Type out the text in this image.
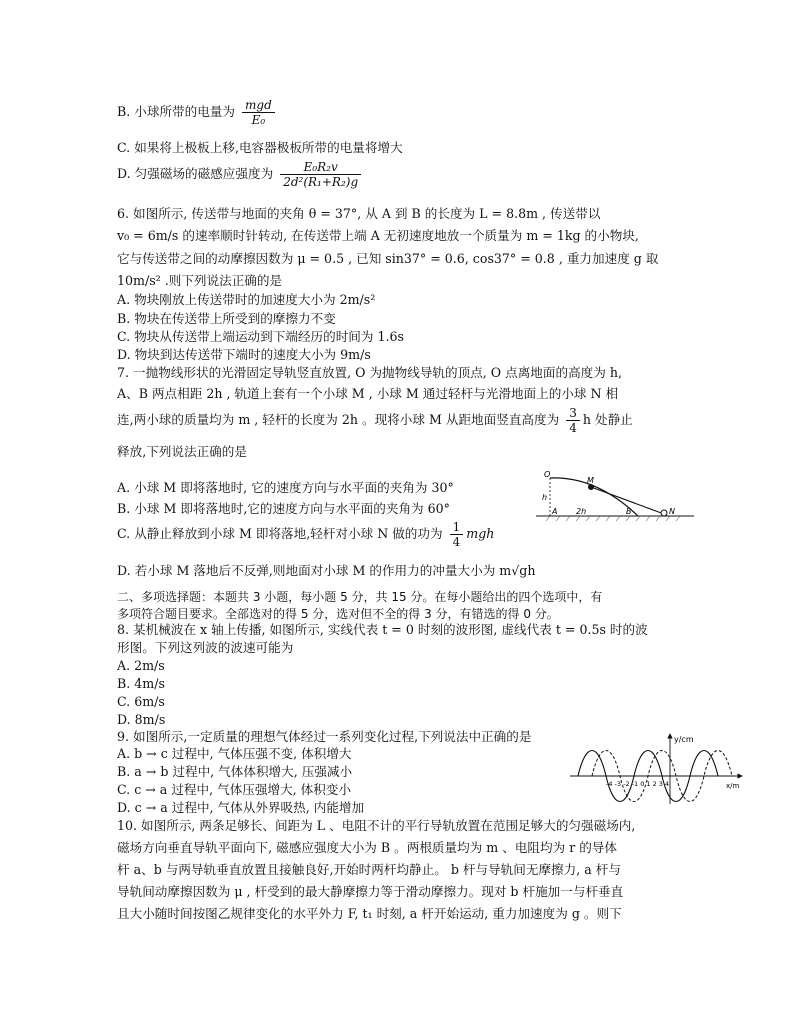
B. 小球所带的电量为 $\frac{\text{mgd}}{\text{E₀}}$
C. 如果将上极板上移,电容器极板所带的电量将增大
D. 匀强磁场的磁感应强度为 $\frac{\text{E₀R₂v}}{\text{2d²(R₁+R₂)g}}$
6. 如图所示, 传送带与地面的夹角 θ = 37°, 从 A 到 B 的长度为 L = 8.8m , 传送带以
v₀ = 6m/s 的速率顺时针转动, 在传送带上端 A 无初速度地放一个质量为 m = 1kg 的小物块,
它与传送带之间的动摩擦因数为 μ = 0.5 , 已知 sin37° = 0.6, cos37° = 0.8 , 重力加速度 g 取
10m/s² .则下列说法正确的是
A. 物块刚放上传送带时的加速度大小为 2m/s²
B. 物块在传送带上所受到的摩擦力不变
C. 物块从传送带上端运动到下端经历的时间为 1.6s
D. 物块到达传送带下端时的速度大小为 9m/s
7. 一抛物线形状的光滑固定导轨竖直放置, O 为抛物线导轨的顶点, O 点离地面的高度为 h,
A、B 两点相距 2h , 轨道上套有一个小球 M , 小球 M 通过轻杆与光滑地面上的小球 N 相
连,两小球的质量均为 m , 轻杆的长度为 2h 。现将小球 M 从距地面竖直高度为 $\frac{3}{4}$ h 处静止
释放,下列说法正确的是
A. 小球 M 即将落地时, 它的速度方向与水平面的夹角为 30°
B. 小球 M 即将落地时,它的速度方向与水平面的夹角为 60°
C. 从静止释放到小球 M 即将落地,轻杆对小球 N 做的功为 $\frac{1}{4}$ mgh
D. 若小球 M 落地后不反弹,则地面对小球 M 的作用力的冲量大小为 m√gh
O
h
A 2h	B
M
N
二、多项选择题：本题共 3 小题，每小题 5 分，共 15 分。在每小题给出的四个选项中，有
多项符合题目要求。全部选对的得 5 分，选对但不全的得 3 分，有错选的得 0 分。
8. 某机械波在 x 轴上传播, 如图所示, 实线代表 t = 0 时刻的波形图, 虚线代表 t = 0.5s 时的波
形图。下列这列波的波速可能为
A. 2m/s
B. 4m/s
C. 6m/s
D. 8m/s
9. 如图所示,一定质量的理想气体经过一系列变化过程,下列说法中正确的是
A. b → c 过程中, 气体压强不变, 体积增大
B. a → b 过程中, 气体体积增大, 压强减小
C. c → a 过程中, 气体压强增大, 体积变小
D. c → a 过程中, 气体从外界吸热, 内能增加
y/cm
x/m
-4 -3 -2 -1 0 1 2 3 4
10. 如图所示, 两条足够长、间距为 L 、电阻不计的平行导轨放置在范围足够大的匀强磁场内,
磁场方向垂直导轨平面向下, 磁感应强度大小为 B 。两根质量均为 m 、电阻均为 r 的导体
杆 a、b 与两导轨垂直放置且接触良好,开始时两杆均静止。 b 杆与导轨间无摩擦力, a 杆与
导轨间动摩擦因数为 μ , 杆受到的最大静摩擦力等于滑动摩擦力。现对 b 杆施加一与杆垂直
且大小随时间按图乙规律变化的水平外力 F, t₁ 时刻, a 杆开始运动, 重力加速度为 g 。则下
